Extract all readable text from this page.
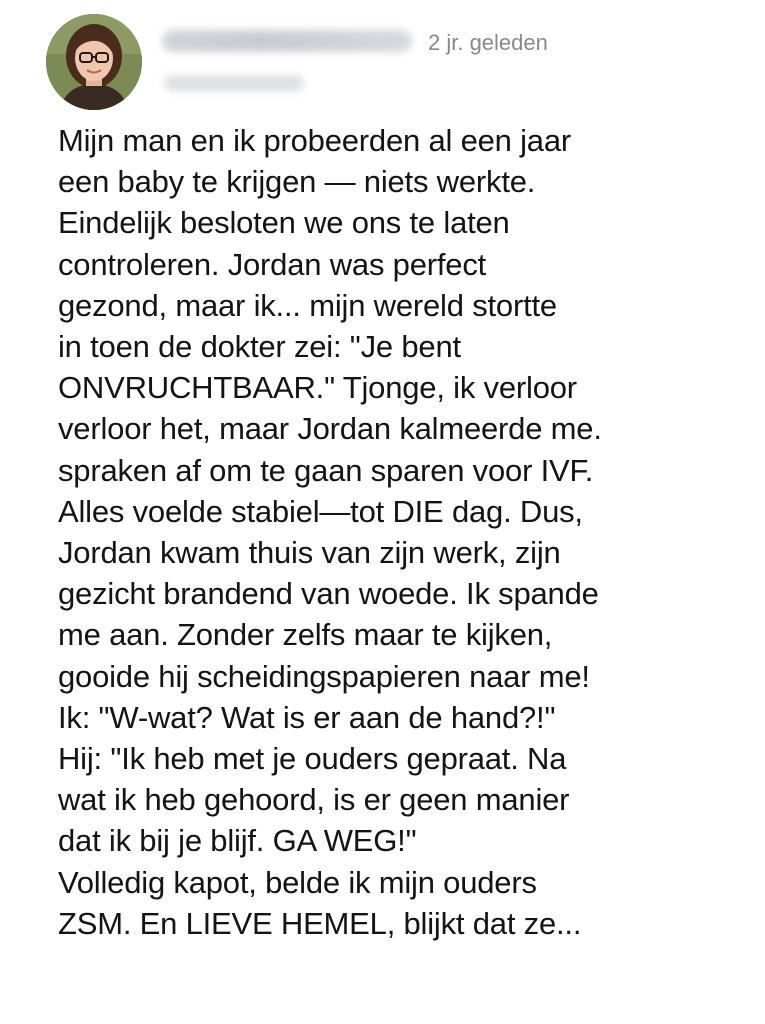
2 jr. geleden
Mijn man en ik probeerden al een jaar
een baby te krijgen — niets werkte.
Eindelijk besloten we ons te laten
controleren. Jordan was perfect
gezond, maar ik... mijn wereld stortte
in toen de dokter zei: "Je bent
ONVRUCHTBAAR." Tjonge, ik verloor
verloor het, maar Jordan kalmeerde me.
spraken af om te gaan sparen voor IVF.
Alles voelde stabiel—tot DIE dag. Dus,
Jordan kwam thuis van zijn werk, zijn
gezicht brandend van woede. Ik spande
me aan. Zonder zelfs maar te kijken,
gooide hij scheidingspapieren naar me!
Ik: "W-wat? Wat is er aan de hand?!"
Hij: "Ik heb met je ouders gepraat. Na
wat ik heb gehoord, is er geen manier
dat ik bij je blijf. GA WEG!"
Volledig kapot, belde ik mijn ouders
ZSM. En LIEVE HEMEL, blijkt dat ze...
